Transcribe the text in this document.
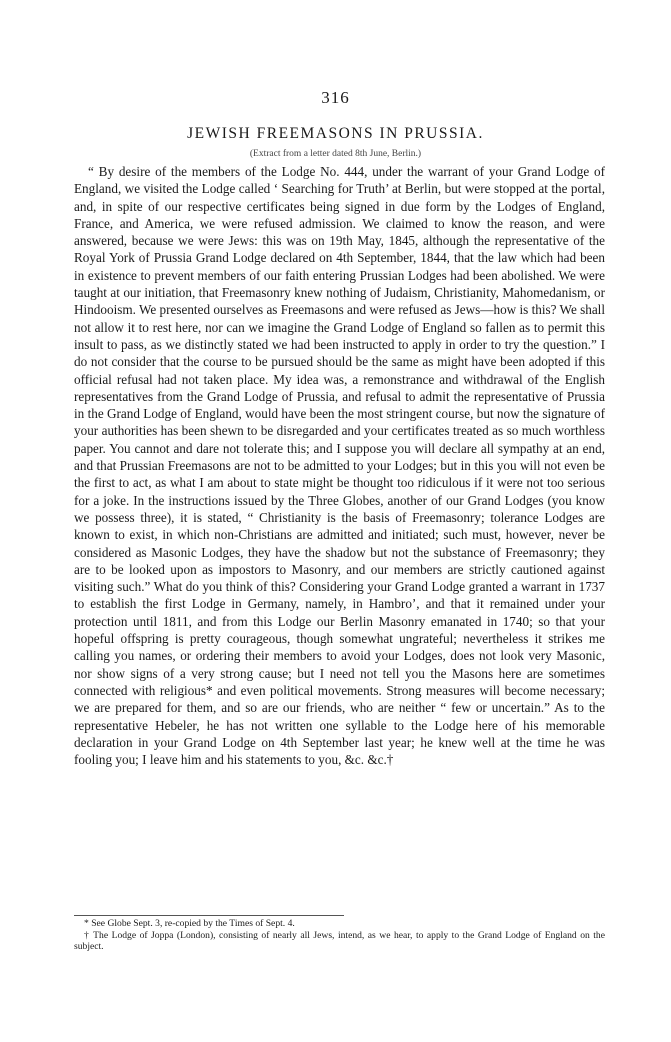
316
JEWISH FREEMASONS IN PRUSSIA.
(Extract from a letter dated 8th June, Berlin.)

“ By desire of the members of the Lodge No. 444, under the warrant of your Grand Lodge of England, we visited the Lodge called ‘ Searching for Truth’ at Berlin, but were stopped at the portal, and, in spite of our respective certificates being signed in due form by the Lodges of England, France, and America, we were refused admission. We claimed to know the reason, and were answered, because we were Jews: this was on 19th May, 1845, although the representative of the Royal York of Prussia Grand Lodge declared on 4th September, 1844, that the law which had been in existence to prevent members of our faith entering Prussian Lodges had been abolished. We were taught at our initiation, that Freemasonry knew nothing of Judaism, Christianity, Mahomedanism, or Hindooism. We presented ourselves as Freemasons and were refused as Jews—how is this? We shall not allow it to rest here, nor can we imagine the Grand Lodge of England so fallen as to permit this insult to pass, as we distinctly stated we had been instructed to apply in order to try the question.” I do not consider that the course to be pursued should be the same as might have been adopted if this official refusal had not taken place. My idea was, a remonstrance and withdrawal of the English representatives from the Grand Lodge of Prussia, and refusal to admit the representative of Prussia in the Grand Lodge of England, would have been the most stringent course, but now the signature of your authorities has been shewn to be disregarded and your certificates treated as so much worthless paper. You cannot and dare not tolerate this; and I suppose you will declare all sympathy at an end, and that Prussian Freemasons are not to be admitted to your Lodges; but in this you will not even be the first to act, as what I am about to state might be thought too ridiculous if it were not too serious for a joke. In the instructions issued by the Three Globes, another of our Grand Lodges (you know we possess three), it is stated, “ Christianity is the basis of Freemasonry; tolerance Lodges are known to exist, in which non-Christians are admitted and initiated; such must, however, never be considered as Masonic Lodges, they have the shadow but not the substance of Freemasonry; they are to be looked upon as impostors to Masonry, and our members are strictly cautioned against visiting such.” What do you think of this? Considering your Grand Lodge granted a warrant in 1737 to establish the first Lodge in Germany, namely, in Hambro’, and that it remained under your protection until 1811, and from this Lodge our Berlin Masonry emanated in 1740; so that your hopeful offspring is pretty courageous, though somewhat ungrateful; nevertheless it strikes me calling you names, or ordering their members to avoid your Lodges, does not look very Masonic, nor show signs of a very strong cause; but I need not tell you the Masons here are sometimes connected with religious* and even political movements. Strong measures will become necessary; we are prepared for them, and so are our friends, who are neither “ few or uncertain.” As to the representative Hebeler, he has not written one syllable to the Lodge here of his memorable declaration in your Grand Lodge on 4th September last year; he knew well at the time he was fooling you; I leave him and his statements to you, &c. &c.†

* See Globe Sept. 3, re-copied by the Times of Sept. 4.

† The Lodge of Joppa (London), consisting of nearly all Jews, intend, as we hear, to apply to the Grand Lodge of England on the subject.
